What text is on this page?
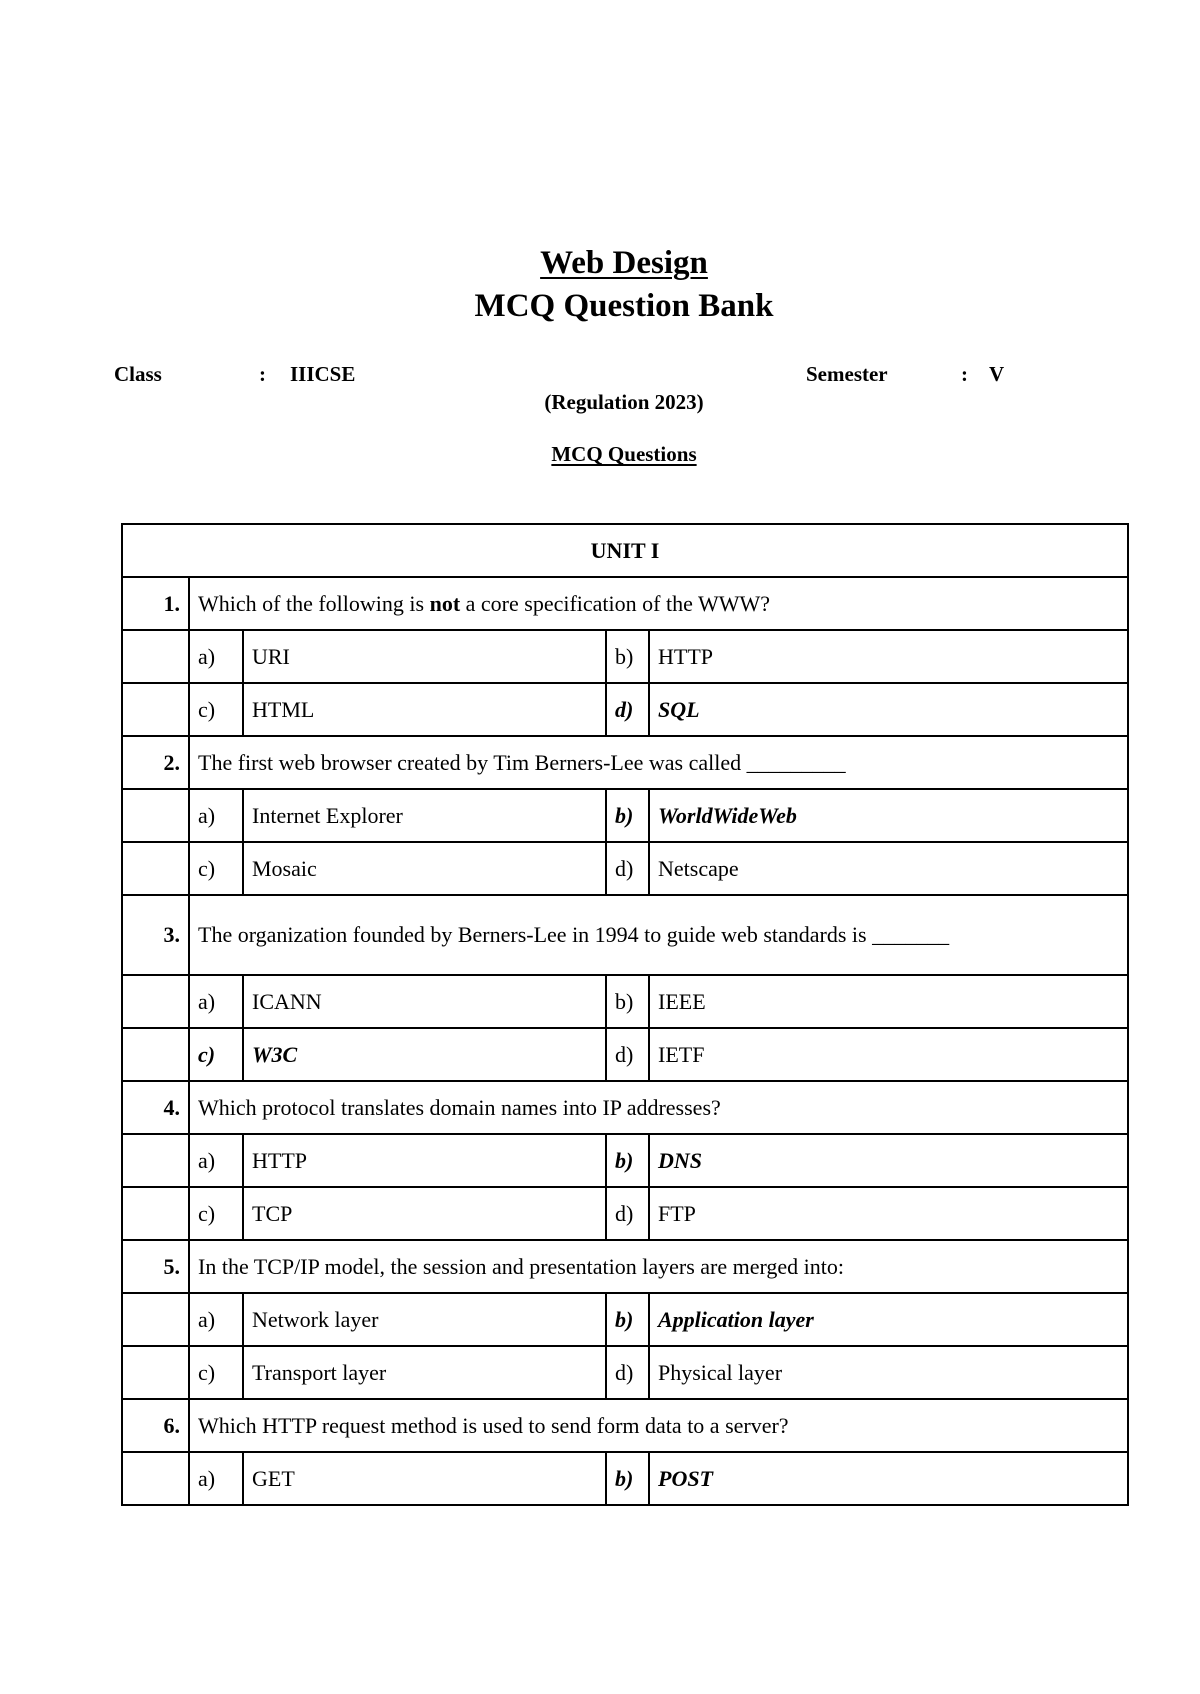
Web Design
MCQ Question Bank

Class	: IIICSE	Semester	: V

(Regulation 2023)

MCQ Questions

UNIT I				
1.	Which of the following is not a core specification of the WWW?			
	a)	URI	b)	HTTP
	c)	HTML	d)	SQL
2.	The first web browser created by Tim Berners-Lee was called _________			
	a)	Internet Explorer	b)	WorldWideWeb
	c)	Mosaic	d)	Netscape
3.	The organization founded by Berners-Lee in 1994 to guide web standards is _______			
	a)	ICANN	b)	IEEE
	c)	W3C	d)	IETF
4.	Which protocol translates domain names into IP addresses?			
	a)	HTTP	b)	DNS
	c)	TCP	d)	FTP
5.	In the TCP/IP model, the session and presentation layers are merged into:			
	a)	Network layer	b)	Application layer
	c)	Transport layer	d)	Physical layer
6.	Which HTTP request method is used to send form data to a server?			
	a)	GET	b)	POST
